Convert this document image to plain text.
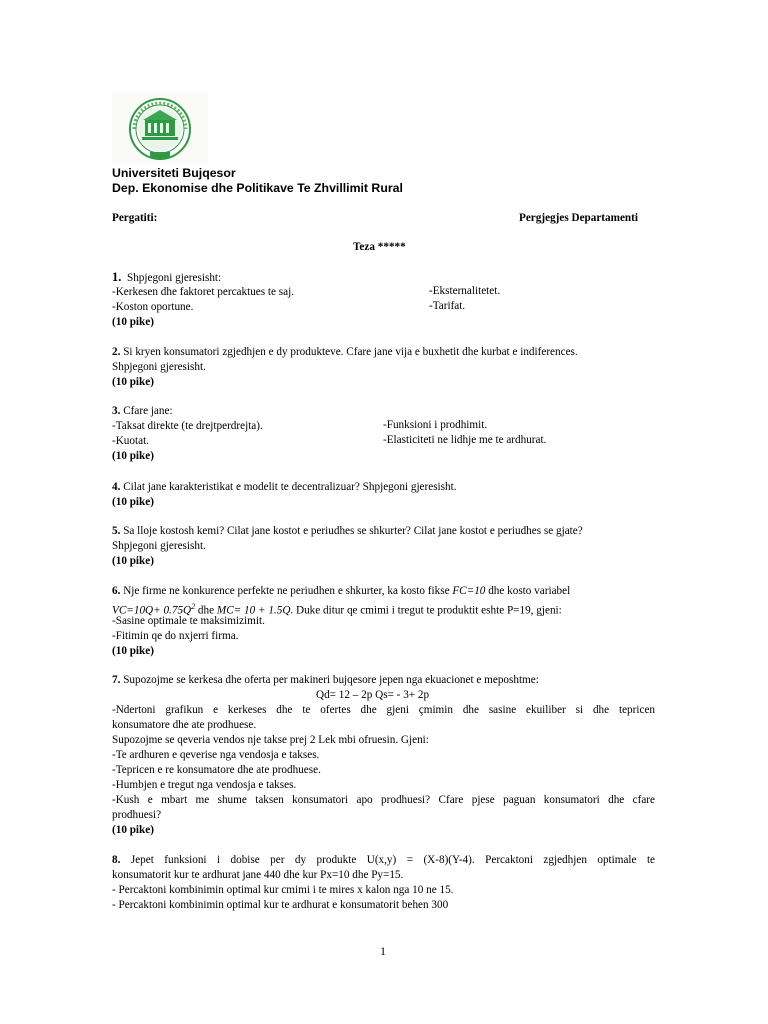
Universiteti Bujqesor
Dep. Ekonomise dhe Politikave Te Zhvillimit Rural
Pergatiti:	Pergjegjes Departamenti
Teza *****
1. Shpjegoni gjeresisht:
-Kerkesen dhe faktoret percaktues te saj.
-Koston oportune.
(10 pike)
-Eksternalitetet.
-Tarifat.
2. Si kryen konsumatori zgjedhjen e dy produkteve. Cfare jane vija e buxhetit dhe kurbat e indiferences.
Shpjegoni gjeresisht.
(10 pike)
3. Cfare jane:
-Taksat direkte (te drejtperdrejta).
-Kuotat.
(10 pike)
-Funksioni i prodhimit.
-Elasticiteti ne lidhje me te ardhurat.
4. Cilat jane karakteristikat e modelit te decentralizuar? Shpjegoni gjeresisht.
(10 pike)
5. Sa lloje kostosh kemi? Cilat jane kostot e periudhes se shkurter? Cilat jane kostot e periudhes se gjate?
Shpjegoni gjeresisht.
(10 pike)
6. Nje firme ne konkurence perfekte ne periudhen e shkurter, ka kosto fikse FC=10 dhe kosto variabel
$VC=10Q+ 0.75Q^2$ dhe MC= 10 + 1.5Q. Duke ditur qe cmimi i tregut te produktit eshte P=19, gjeni:
-Sasine optimale te maksimizimit.
-Fitimin qe do nxjerri firma.
(10 pike)
7. Supozojme se kerkesa dhe oferta per makineri bujqesore jepen nga ekuacionet e meposhtme:
Qd= 12 – 2p Qs= - 3+ 2p
-Ndertoni grafikun e kerkeses dhe te ofertes dhe gjeni çmimin dhe sasine ekuiliber si dhe tepricen
konsumatore dhe ate prodhuese.
Supozojme se qeveria vendos nje takse prej 2 Lek mbi ofruesin. Gjeni:
-Te ardhuren e qeverise nga vendosja e takses.
-Tepricen e re konsumatore dhe ate prodhuese.
-Humbjen e tregut nga vendosja e takses.
-Kush e mbart me shume taksen konsumatori apo prodhuesi? Cfare pjese paguan konsumatori dhe cfare
prodhuesi?
(10 pike)
8. Jepet funksioni i dobise per dy produkte U(x,y) = (X-8)(Y-4). Percaktoni zgjedhjen optimale te
konsumatorit kur te ardhurat jane 440 dhe kur Px=10 dhe Py=15.
- Percaktoni kombinimin optimal kur cmimi i te mires x kalon nga 10 ne 15.
- Percaktoni kombinimin optimal kur te ardhurat e konsumatorit behen 300
1
